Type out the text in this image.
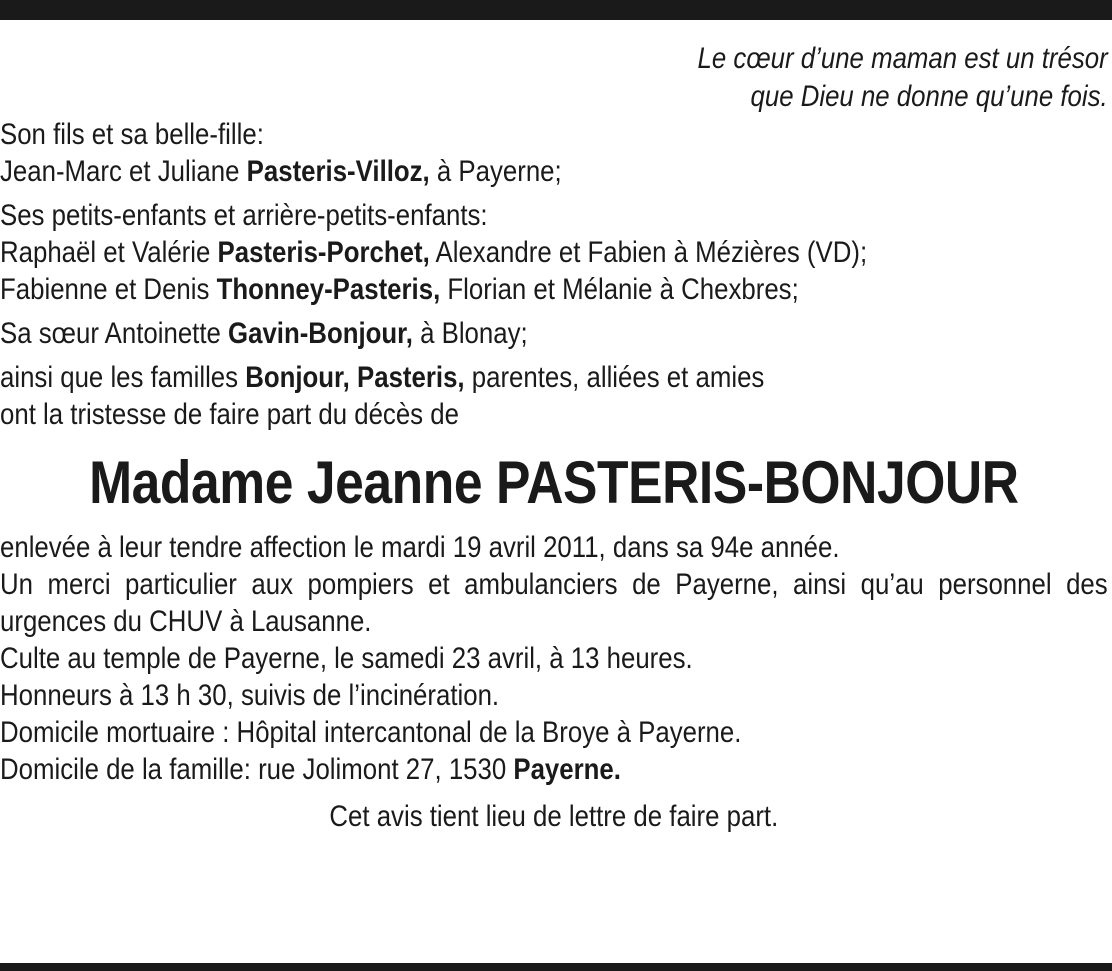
Le cœur d’une maman est un trésor
que Dieu ne donne qu’une fois.

Son fils et sa belle-fille:

Jean-Marc et Juliane Pasteris-Villoz, à Payerne;

Ses petits-enfants et arrière-petits-enfants:

Raphaël et Valérie Pasteris-Porchet, Alexandre et Fabien à Mézières (VD);

Fabienne et Denis Thonney-Pasteris, Florian et Mélanie à Chexbres;

Sa sœur Antoinette Gavin-Bonjour, à Blonay;

ainsi que les familles Bonjour, Pasteris, parentes, alliées et amies

ont la tristesse de faire part du décès de

Madame Jeanne PASTERIS-BONJOUR

enlevée à leur tendre affection le mardi 19 avril 2011, dans sa 94e année.

Un merci particulier aux pompiers et ambulanciers de Payerne, ainsi qu’au personnel des urgences du CHUV à Lausanne.

Culte au temple de Payerne, le samedi 23 avril, à 13 heures.

Honneurs à 13 h 30, suivis de l’incinération.

Domicile mortuaire : Hôpital intercantonal de la Broye à Payerne.

Domicile de la famille: rue Jolimont 27, 1530 Payerne.

Cet avis tient lieu de lettre de faire part.
